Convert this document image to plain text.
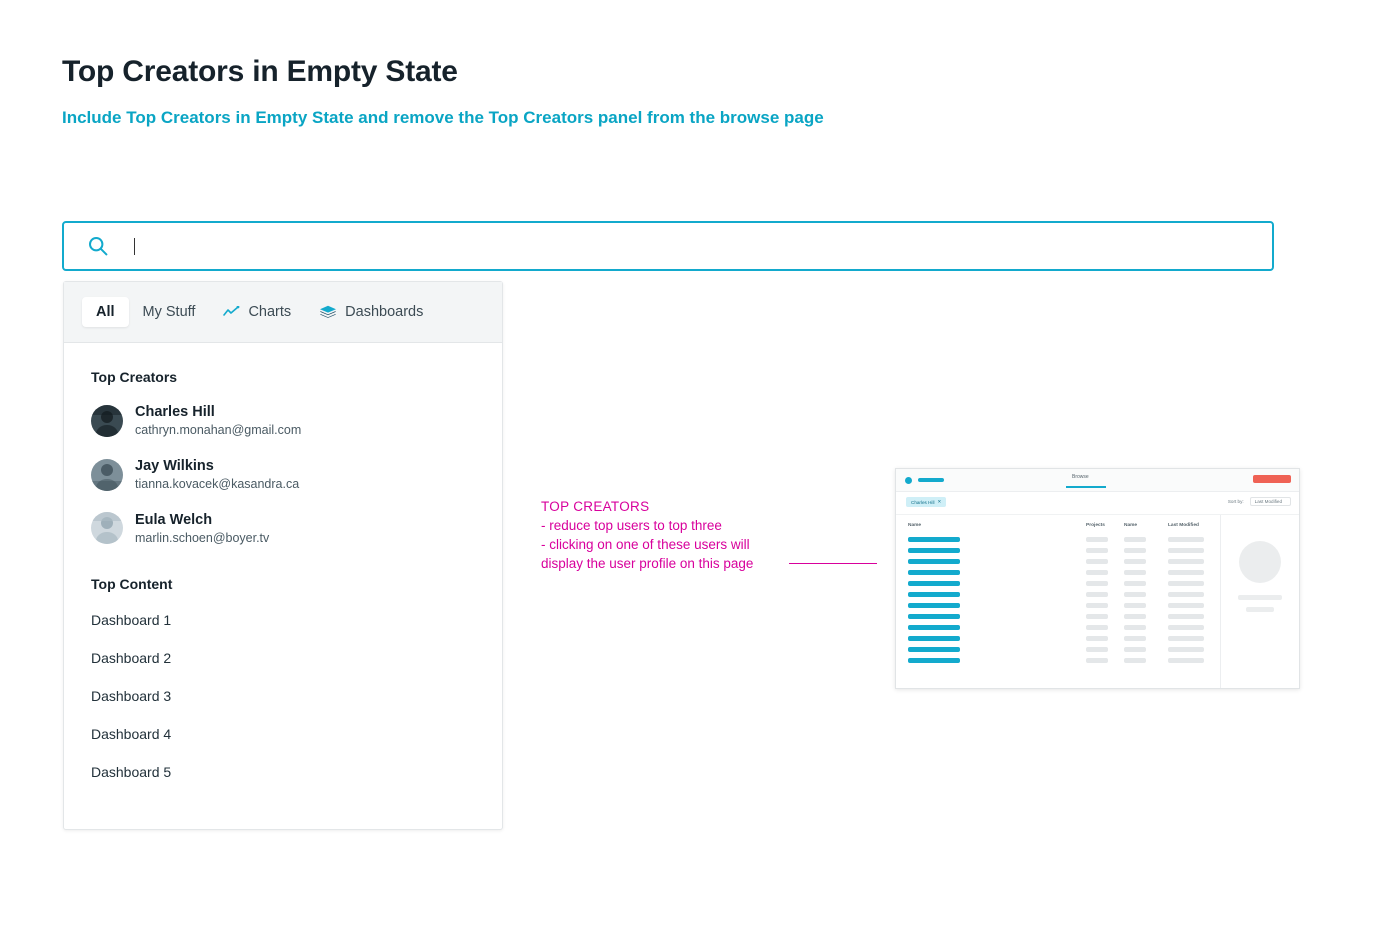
Top Creators in Empty State
Include Top Creators in Empty State and remove the Top Creators panel from the browse page
All My Stuff	Charts	Dashboards
Top Creators
Charles Hill
cathryn.monahan@gmail.com
Jay Wilkins
tianna.kovacek@kasandra.ca
Eula Welch
marlin.schoen@boyer.tv
Top Content
Dashboard 1
Dashboard 2
Dashboard 3
Dashboard 4
Dashboard 5
TOP CREATORS
- reduce top users to top three
- clicking on one of these users will
display the user profile on this page
Browse
Charles Hill ✕	Sort by:	Last Modified
Name	Projects	Name	Last Modified
